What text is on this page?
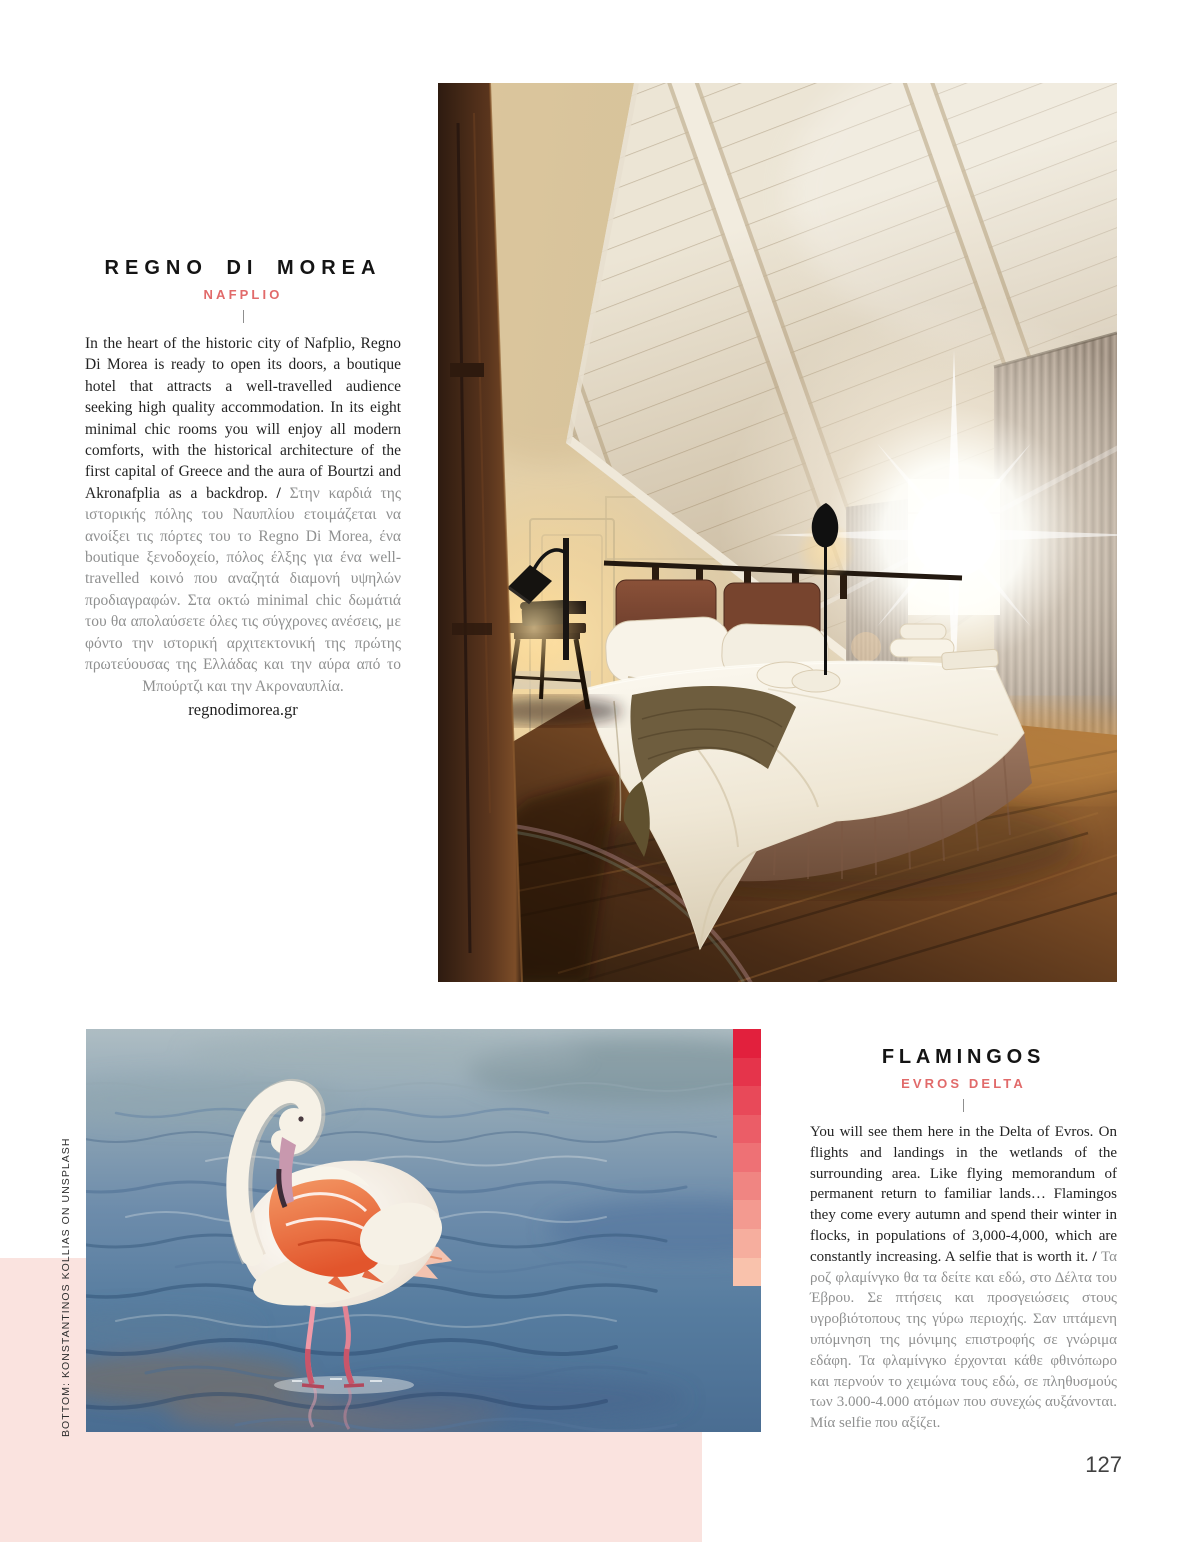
REGNO DI MOREA
NAFPLIO

In the heart of the historic city of Nafplio, Regno Di Morea is ready to open its doors, a boutique hotel that attracts a well-travelled audience seeking high quality accommodation. In its eight minimal chic rooms you will enjoy all modern comforts, with the historical architecture of the first capital of Greece and the aura of Bourtzi and Akronafplia as a backdrop. / Στην καρδιά της ιστορικής πόλης του Ναυπλίου ετοιμάζεται να ανοίξει τις πόρτες του το Regno Di Morea, ένα boutique ξενοδοχείο, πόλος έλξης για ένα well-travelled κοινό που αναζητά διαμονή υψηλών προδιαγραφών. Στα οκτώ minimal chic δωμάτιά του θα απολαύσετε όλες τις σύγχρονες ανέσεις, με φόντο την ιστορική αρχιτεκτονική της πρώτης πρωτεύουσας της Ελλάδας και την αύρα από το Μπούρτζι και την Ακροναυπλία.

regnodimorea.gr
FLAMINGOS
EVROS DELTA

You will see them here in the Delta of Evros. On flights and landings in the wetlands of the surrounding area. Like flying memorandum of permanent return to familiar lands… Flamingos they come every autumn and spend their winter in flocks, in populations of 3,000-4,000, which are constantly increasing. A selfie that is worth it. / Τα ροζ φλαμίνγκο θα τα δείτε και εδώ, στο Δέλτα του Έβρου. Σε πτήσεις και προσγειώσεις στους υγροβιότοπους της γύρω περιοχής. Σαν ιπτάμενη υπόμνηση της μόνιμης επιστροφής σε γνώριμα εδάφη. Τα φλαμίνγκο έρχονται κάθε φθινόπωρο και περνούν το χειμώνα τους εδώ, σε πληθυσμούς των 3.000-4.000 ατόμων που συνεχώς αυξάνονται. Μία selfie που αξίζει.

BOTTOM: KONSTANTINOS KOLLIAS ON UNSPLASH
127
